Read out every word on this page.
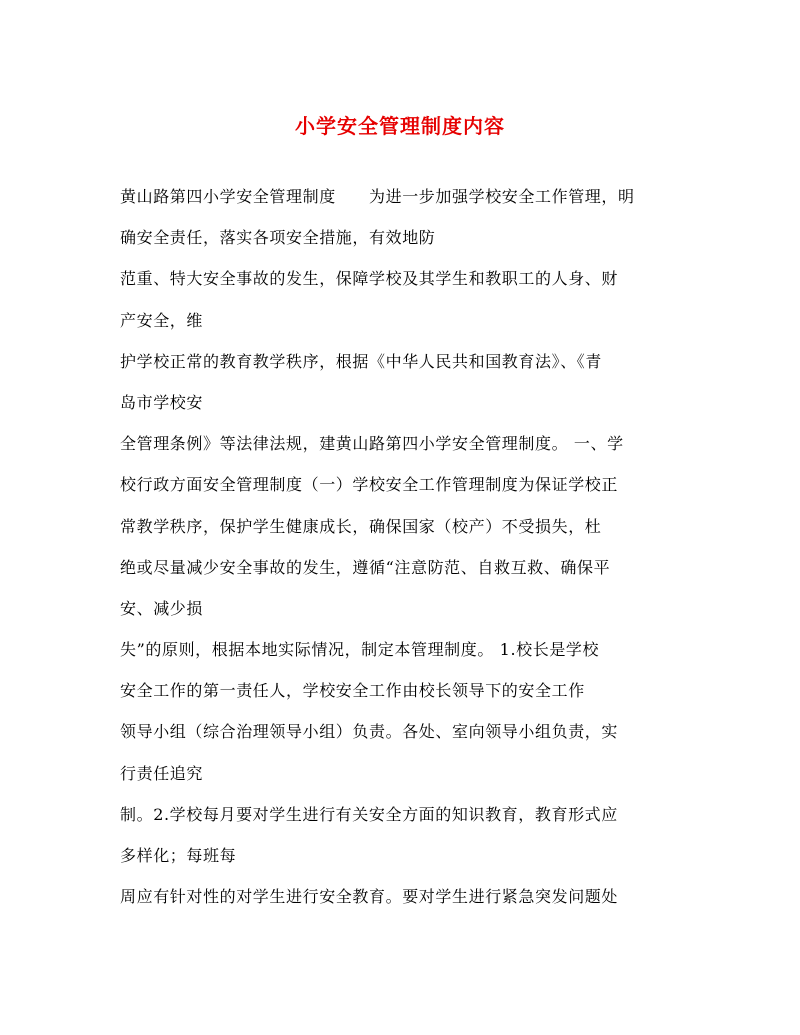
小学安全管理制度内容
黄山路第四小学安全管理制度　　为进一步加强学校安全工作管理，明
确安全责任，落实各项安全措施，有效地防
范重、特大安全事故的发生，保障学校及其学生和教职工的人身、财
产安全，维
护学校正常的教育教学秩序，根据《中华人民共和国教育法》、《青
岛市学校安
全管理条例》等法律法规，建黄山路第四小学安全管理制度。 一、学
校行政方面安全管理制度（一）学校安全工作管理制度为保证学校正
常教学秩序，保护学生健康成长，确保国家（校产）不受损失，杜
绝或尽量减少安全事故的发生，遵循“注意防范、自救互救、确保平
安、减少损
失”的原则，根据本地实际情况，制定本管理制度。 1.校长是学校
安全工作的第一责任人，学校安全工作由校长领导下的安全工作
领导小组（综合治理领导小组）负责。各处、室向领导小组负责，实
行责任追究
制。2.学校每月要对学生进行有关安全方面的知识教育，教育形式应
多样化；每班每
周应有针对性的对学生进行安全教育。要对学生进行紧急突发问题处
